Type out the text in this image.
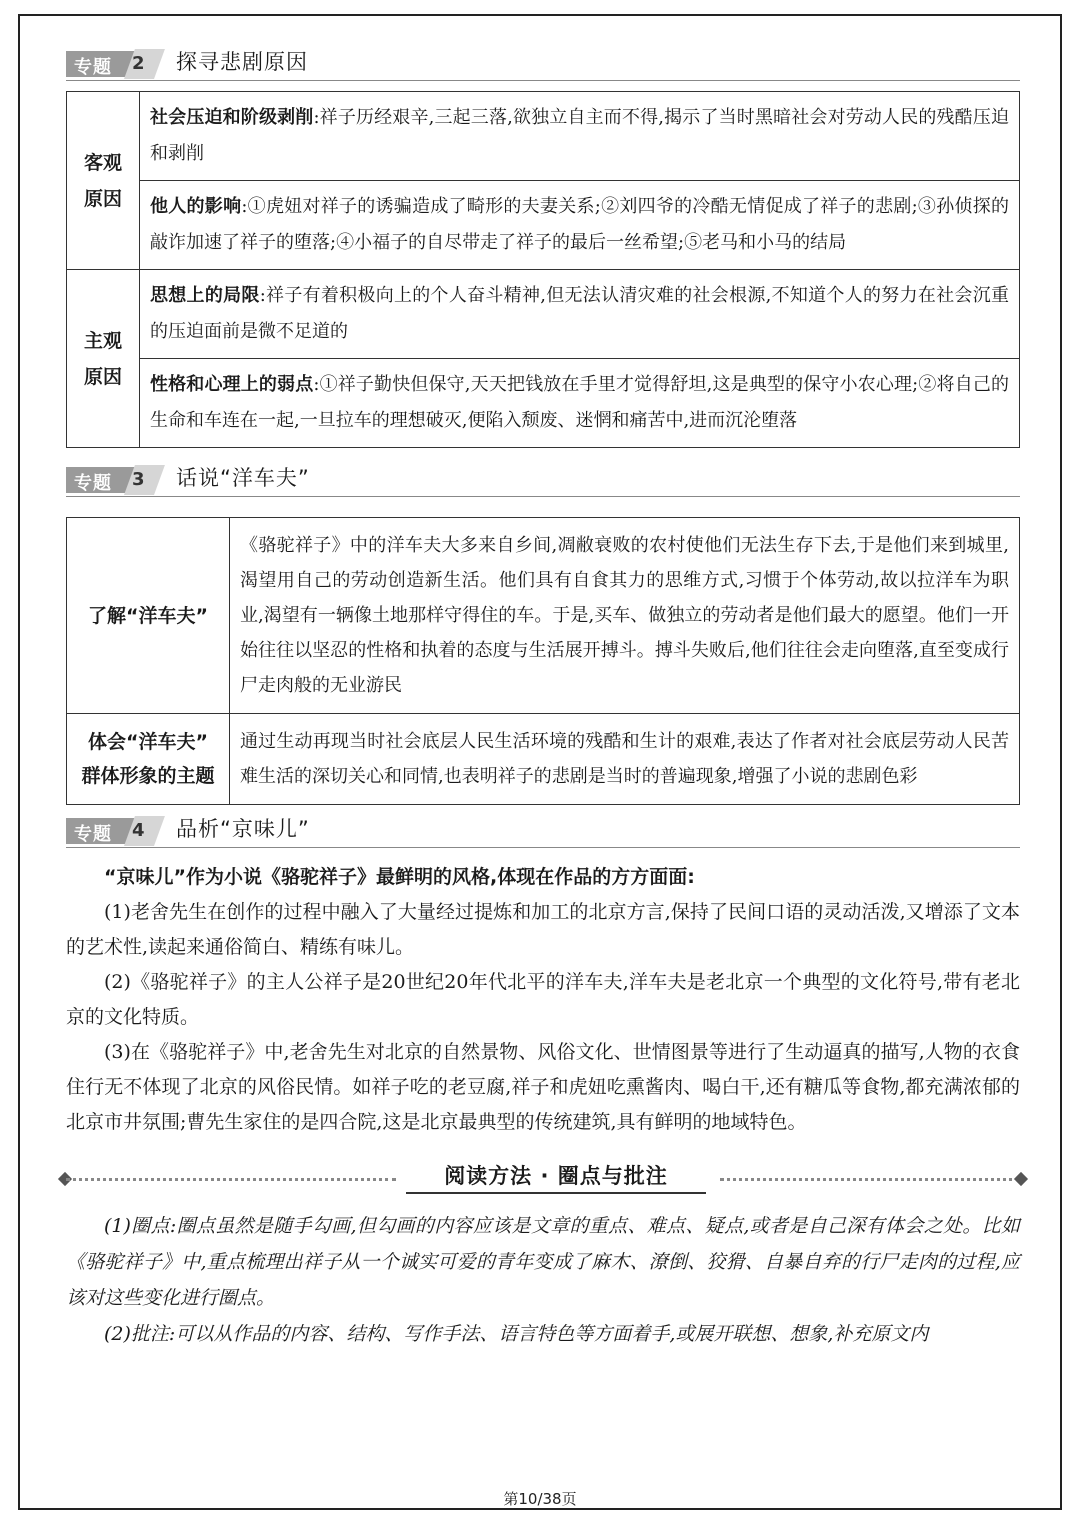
专题 2 探寻悲剧原因
客观
原因	社会压迫和阶级剥削:祥子历经艰辛,三起三落,欲独立自主而不得,揭示了当时黑暗社会对劳动人民的残酷压迫和剥削
	他人的影响:①虎妞对祥子的诱骗造成了畸形的夫妻关系;②刘四爷的冷酷无情促成了祥子的悲剧;③孙侦探的敲诈加速了祥子的堕落;④小福子的自尽带走了祥子的最后一丝希望;⑤老马和小马的结局

主观
原因	思想上的局限:祥子有着积极向上的个人奋斗精神,但无法认清灾难的社会根源,不知道个人的努力在社会沉重的压迫面前是微不足道的
	性格和心理上的弱点:①祥子勤快但保守,天天把钱放在手里才觉得舒坦,这是典型的保守小农心理;②将自己的生命和车连在一起,一旦拉车的理想破灭,便陷入颓废、迷惘和痛苦中,进而沉沦堕落
专题 3 话说“洋车夫”
了解“洋车夫”	《骆驼祥子》中的洋车夫大多来自乡间,凋敝衰败的农村使他们无法生存下去,于是他们来到城里,渴望用自己的劳动创造新生活。他们具有自食其力的思维方式,习惯于个体劳动,故以拉洋车为职业,渴望有一辆像土地那样守得住的车。于是,买车、做独立的劳动者是他们最大的愿望。他们一开始往往以坚忍的性格和执着的态度与生活展开搏斗。搏斗失败后,他们往往会走向堕落,直至变成行尸走肉般的无业游民

体会“洋车夫”
群体形象的主题	通过生动再现当时社会底层人民生活环境的残酷和生计的艰难,表达了作者对社会底层劳动人民苦难生活的深切关心和同情,也表明祥子的悲剧是当时的普遍现象,增强了小说的悲剧色彩
专题 4 品析“京味儿”

“京味儿”作为小说《骆驼祥子》最鲜明的风格,体现在作品的方方面面:

(1)老舍先生在创作的过程中融入了大量经过提炼和加工的北京方言,保持了民间口语的灵动活泼,又增添了文本的艺术性,读起来通俗简白、精练有味儿。

(2)《骆驼祥子》的主人公祥子是20世纪20年代北平的洋车夫,洋车夫是老北京一个典型的文化符号,带有老北京的文化特质。

(3)在《骆驼祥子》中,老舍先生对北京的自然景物、风俗文化、世情图景等进行了生动逼真的描写,人物的衣食住行无不体现了北京的风俗民情。如祥子吃的老豆腐,祥子和虎妞吃熏酱肉、喝白干,还有糖瓜等食物,都充满浓郁的北京市井氛围;曹先生家住的是四合院,这是北京最典型的传统建筑,具有鲜明的地域特色。

阅读方法 · 圈点与批注

(1)圈点:圈点虽然是随手勾画,但勾画的内容应该是文章的重点、难点、疑点,或者是自己深有体会之处。比如《骆驼祥子》中,重点梳理出祥子从一个诚实可爱的青年变成了麻木、潦倒、狡猾、自暴自弃的行尸走肉的过程,应该对这些变化进行圈点。

(2)批注:可以从作品的内容、结构、写作手法、语言特色等方面着手,或展开联想、想象,补充原文内

第10/38页
